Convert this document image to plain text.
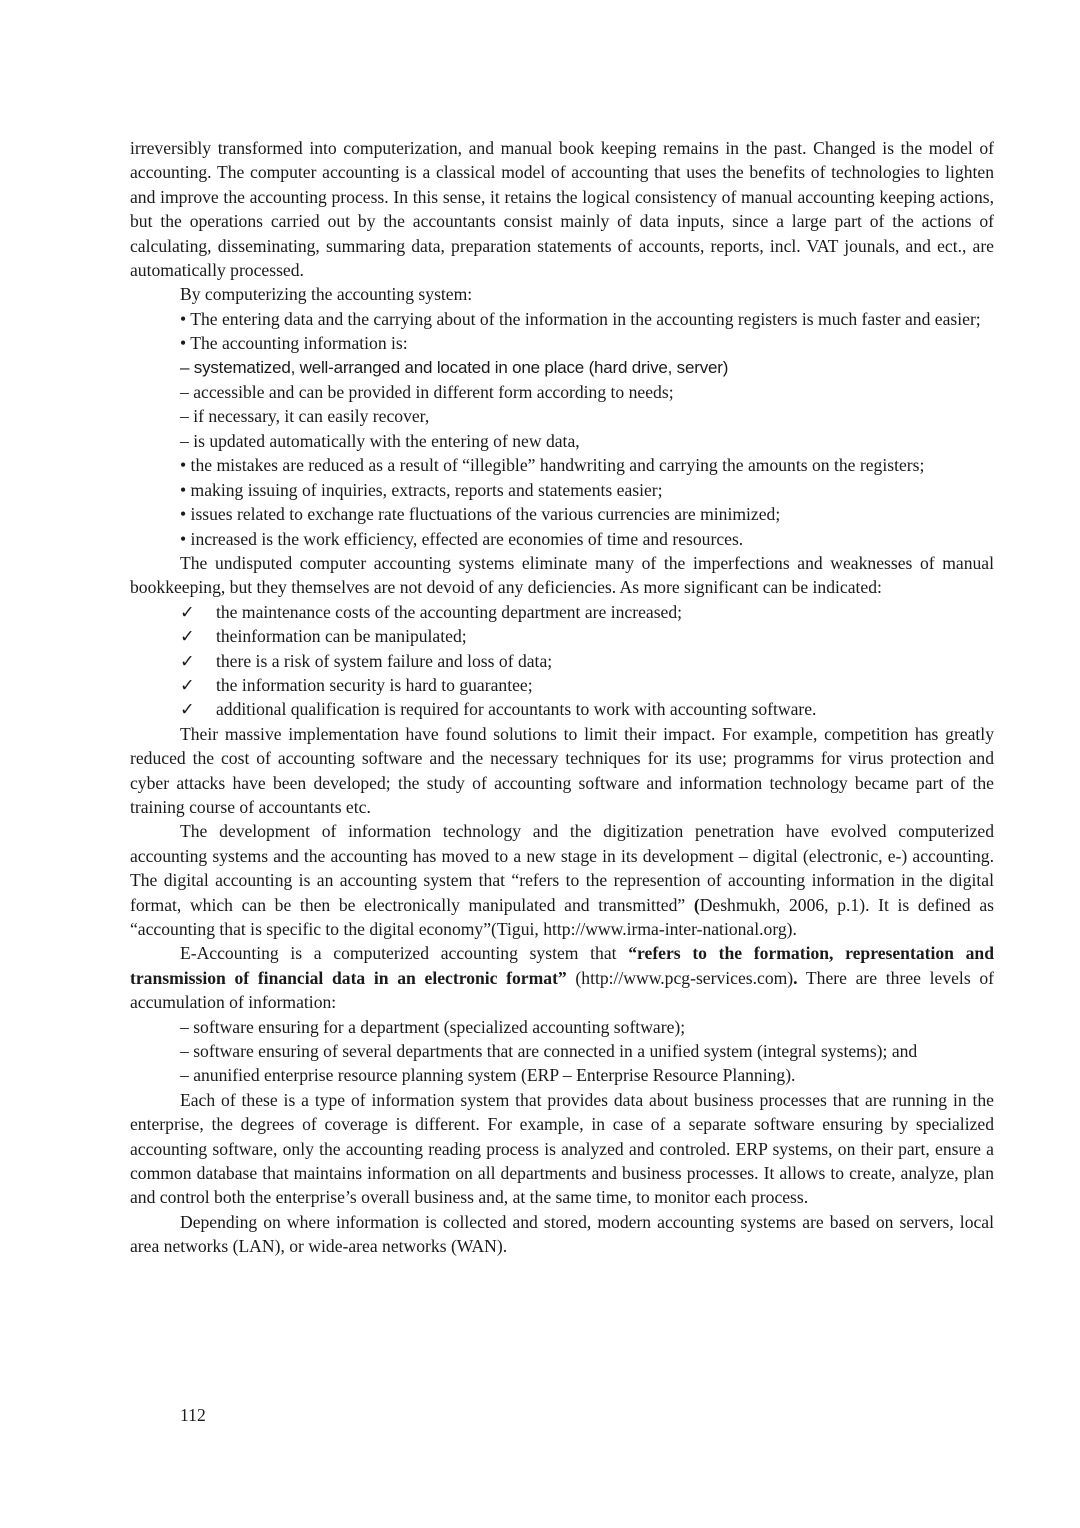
irreversibly transformed into computerization, and manual book keeping remains in the past. Changed is the model of accounting. The computer accounting is a classical model of accounting that uses the benefits of technologies to lighten and improve the accounting process. In this sense, it retains the logical consistency of manual accounting keeping actions, but the operations carried out by the accountants consist mainly of data inputs, since a large part of the actions of calculating, disseminating, summaring data, preparation statements of accounts, reports, incl. VAT jounals, and ect., are automatically processed.

By computerizing the accounting system:

• The entering data and the carrying about of the information in the accounting registers is much faster and easier;

• The accounting information is:

– systematized, well-arranged and located in one place (hard drive, server)

– accessible and can be provided in different form according to needs;

– if necessary, it can easily recover,

– is updated automatically with the entering of new data,

• the mistakes are reduced as a result of “illegible” handwriting and carrying the amounts on the registers;

• making issuing of inquiries, extracts, reports and statements easier;

• issues related to exchange rate fluctuations of the various currencies are minimized;

• increased is the work efficiency, effected are economies of time and resources.

The undisputed computer accounting systems eliminate many of the imperfections and weaknesses of manual bookkeeping, but they themselves are not devoid of any deficiencies. As more significant can be indicated:

✓ the maintenance costs of the accounting department are increased;

✓ theinformation can be manipulated;

✓ there is a risk of system failure and loss of data;

✓ the information security is hard to guarantee;

✓ additional qualification is required for accountants to work with accounting software.

Their massive implementation have found solutions to limit their impact. For example, competition has greatly reduced the cost of accounting software and the necessary techniques for its use; programms for virus protection and cyber attacks have been developed; the study of accounting software and information technology became part of the training course of accountants etc.

The development of information technology and the digitization penetration have evolved computerized accounting systems and the accounting has moved to a new stage in its development – digital (electronic, e-) accounting. The digital accounting is an accounting system that “refers to the represention of accounting information in the digital format, which can be then be electronically manipulated and transmitted” (Deshmukh, 2006, p.1). It is defined as “accounting that is specific to the digital economy”(Tigui, http://www.irma-inter-national.org).

E-Accounting is a computerized accounting system that “refers to the formation, representation and transmission of financial data in an electronic format” (http://www.pcg-services.com). There are three levels of accumulation of information:

– software ensuring for a department (specialized accounting software);

– software ensuring of several departments that are connected in a unified system (integral systems); and

– anunified enterprise resource planning system (ERP – Enterprise Resource Planning).

Each of these is a type of information system that provides data about business processes that are running in the enterprise, the degrees of coverage is different. For example, in case of a separate software ensuring by specialized accounting software, only the accounting reading process is analyzed and controled. ERP systems, on their part, ensure a common database that maintains information on all departments and business processes. It allows to create, analyze, plan and control both the enterprise’s overall business and, at the same time, to monitor each process.

Depending on where information is collected and stored, modern accounting systems are based on servers, local area networks (LAN), or wide-area networks (WAN).

112
